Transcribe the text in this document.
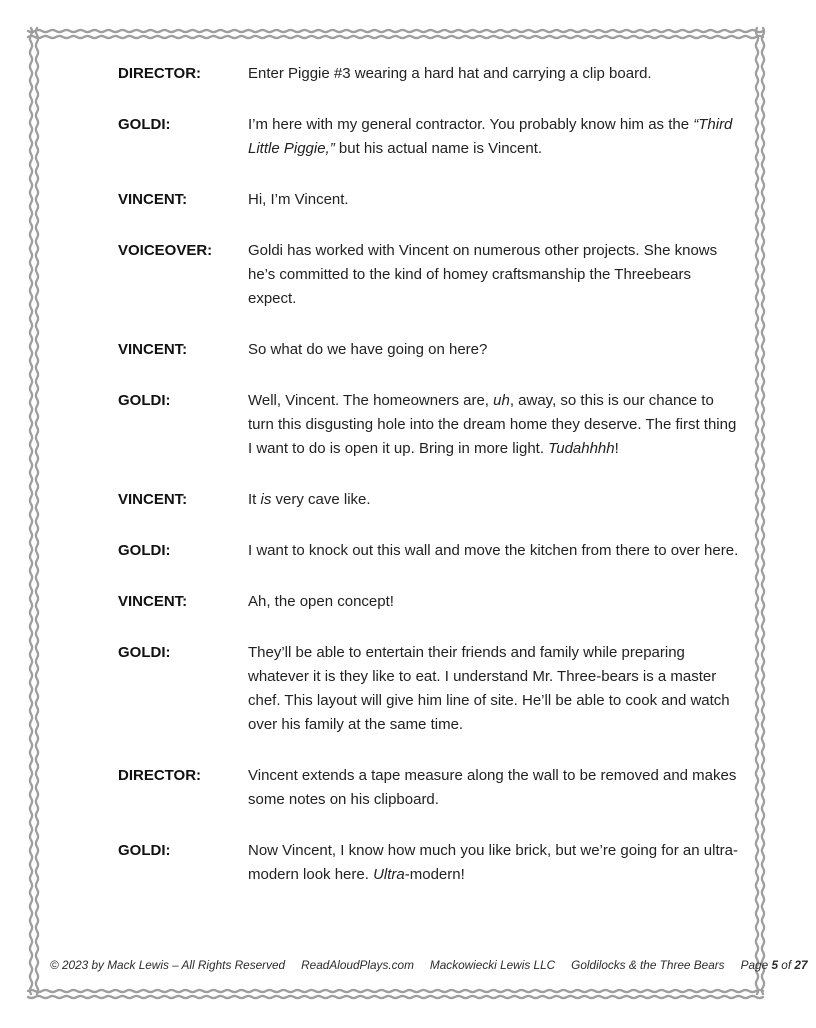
DIRECTOR:	Enter Piggie #3 wearing a hard hat and carrying a clip board.
GOLDI:	I’m here with my general contractor. You probably know him as the “Third Little Piggie,” but his actual name is Vincent.
VINCENT:	Hi, I’m Vincent.
VOICEOVER:	Goldi has worked with Vincent on numerous other projects. She knows he’s committed to the kind of homey craftsmanship the Threebears expect.
VINCENT:	So what do we have going on here?
GOLDI:	Well, Vincent. The homeowners are, uh, away, so this is our chance to turn this disgusting hole into the dream home they deserve. The first thing I want to do is open it up. Bring in more light. Tudahhhh!
VINCENT:	It is very cave like.
GOLDI:	I want to knock out this wall and move the kitchen from there to over here.
VINCENT:	Ah, the open concept!
GOLDI:	They’ll be able to entertain their friends and family while preparing whatever it is they like to eat. I understand Mr. Three-bears is a master chef. This layout will give him line of site. He’ll be able to cook and watch over his family at the same time.
DIRECTOR:	Vincent extends a tape measure along the wall to be removed and makes some notes on his clipboard.
GOLDI:	Now Vincent, I know how much you like brick, but we’re going for an ultra-modern look here. Ultra-modern!
© 2023 by Mack Lewis – All Rights Reserved ReadAloudPlays.com Mackowiecki Lewis LLC Goldilocks & the Three Bears Page 5 of 27
